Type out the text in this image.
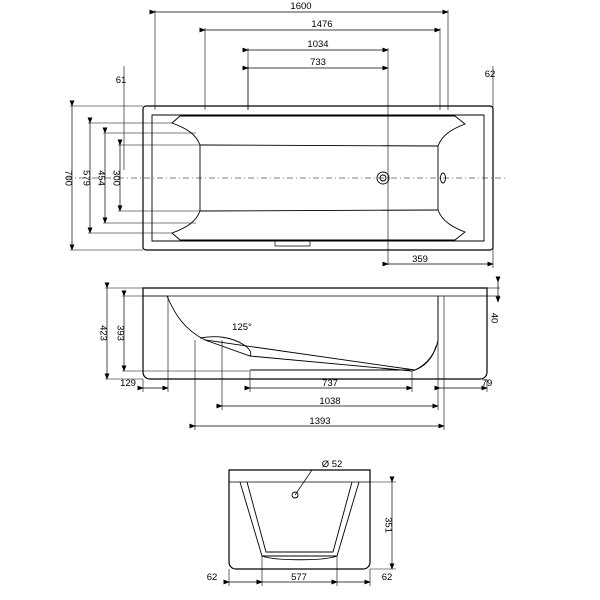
1600
1476
1034
733
61
62
700 579 454 300
359
423 393
40
125°
129	737	79
1038
1393
Ø 52
351
62	577	62
